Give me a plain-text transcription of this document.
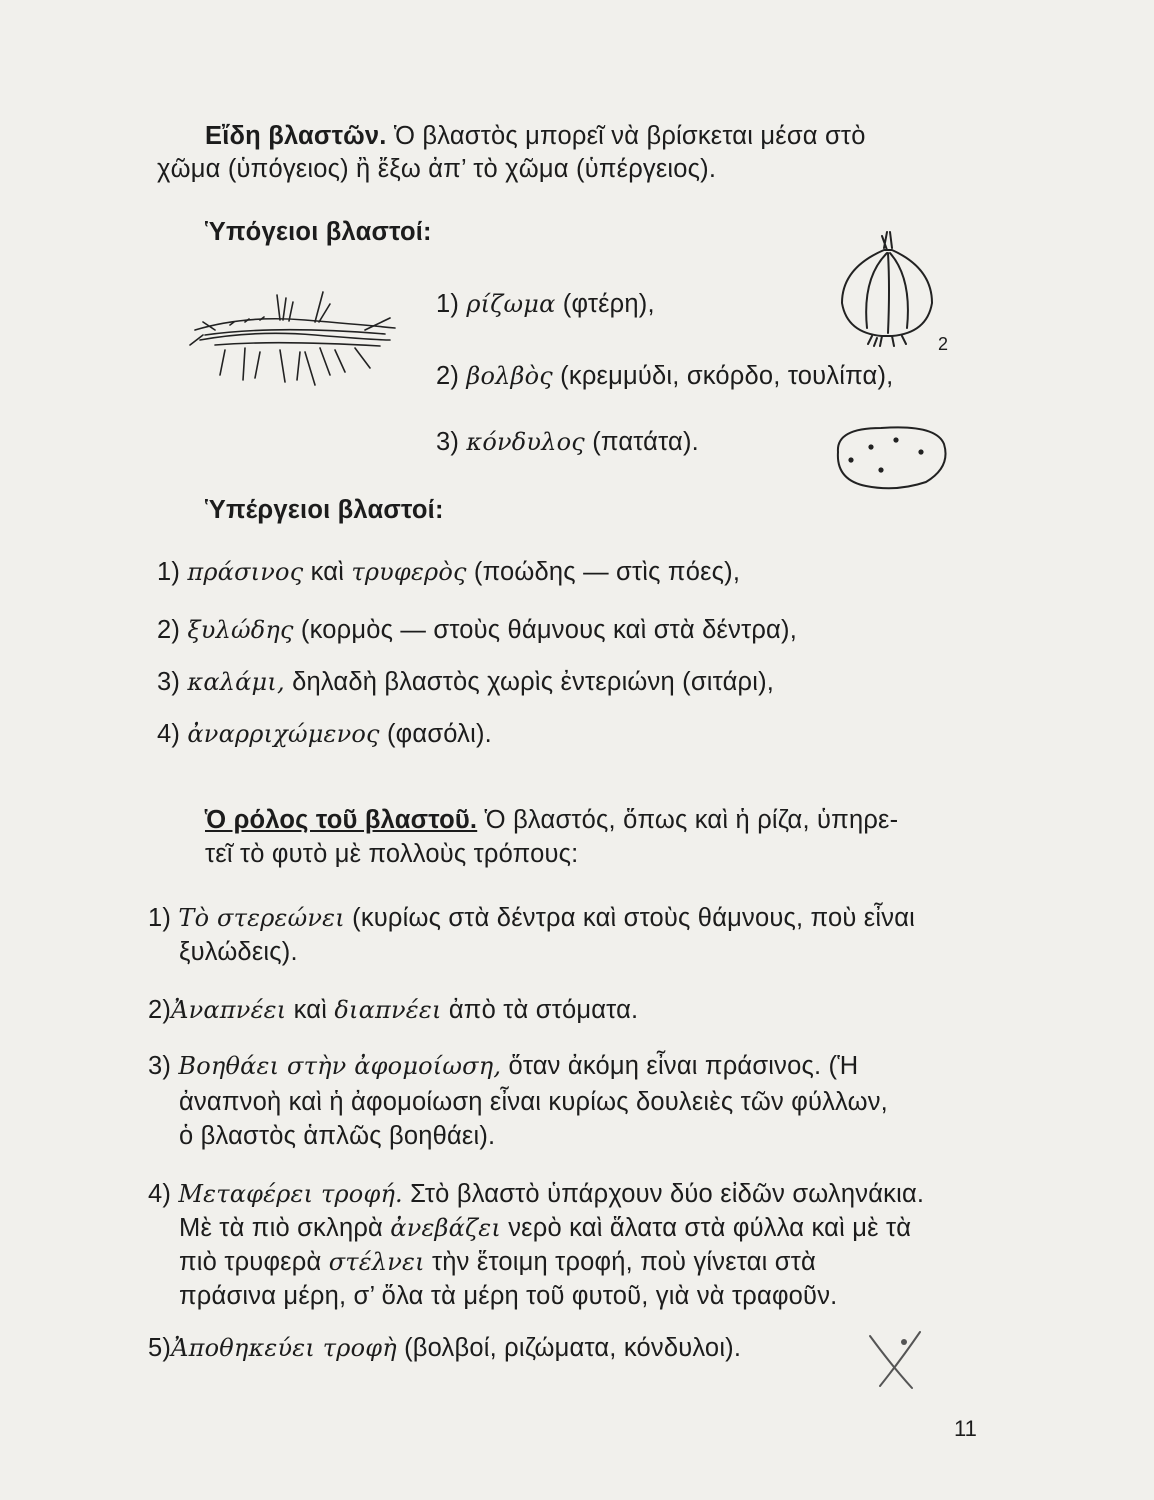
Εἴδη βλαστῶν. Ὁ βλαστὸς μπορεῖ νὰ βρίσκεται μέσα στὸ
χῶμα (ὑπόγειος) ἢ ἔξω ἀπ’ τὸ χῶμα (ὑπέργειος).
Ὑπόγειοι βλαστοί:
1) ρίζωμα (φτέρη),
2) βολβὸς (κρεμμύδι, σκόρδο, τουλίπα),
3) κόνδυλος (πατάτα).
2
Ὑπέργειοι βλαστοί:
1) πράσινος καὶ τρυφερὸς (ποώδης — στὶς πόες),
2) ξυλώδης (κορμὸς — στοὺς θάμνους καὶ στὰ δέντρα),
3) καλάμι, δηλαδὴ βλαστὸς χωρὶς ἐντεριώνη (σιτάρι),
4) ἀναρριχώμενος (φασόλι).
Ὁ ρόλος τοῦ βλαστοῦ. Ὁ βλαστός, ὅπως καὶ ἡ ρίζα, ὑπηρε-
τεῖ τὸ φυτὸ μὲ πολλοὺς τρόπους:
1) Τὸ στερεώνει (κυρίως στὰ δέντρα καὶ στοὺς θάμνους, ποὺ εἶναι
ξυλώδεις).
2)Ἀναπνέει καὶ διαπνέει ἀπὸ τὰ στόματα.
3) Βοηθάει στὴν ἀφομοίωση, ὅταν ἀκόμη εἶναι πράσινος. (Ἡ
ἀναπνοὴ καὶ ἡ ἀφομοίωση εἶναι κυρίως δουλειὲς τῶν φύλλων,
ὁ βλαστὸς ἁπλῶς βοηθάει).
4) Μεταφέρει τροφή. Στὸ βλαστὸ ὑπάρχουν δύο εἰδῶν σωληνάκια.
Μὲ τὰ πιὸ σκληρὰ ἀνεβάζει νερὸ καὶ ἅλατα στὰ φύλλα καὶ μὲ τὰ
πιὸ τρυφερὰ στέλνει τὴν ἕτοιμη τροφή, ποὺ γίνεται στὰ
πράσινα μέρη, σ’ ὅλα τὰ μέρη τοῦ φυτοῦ, γιὰ νὰ τραφοῦν.
5)Ἀποθηκεύει τροφὴ (βολβοί, ριζώματα, κόνδυλοι).
11
